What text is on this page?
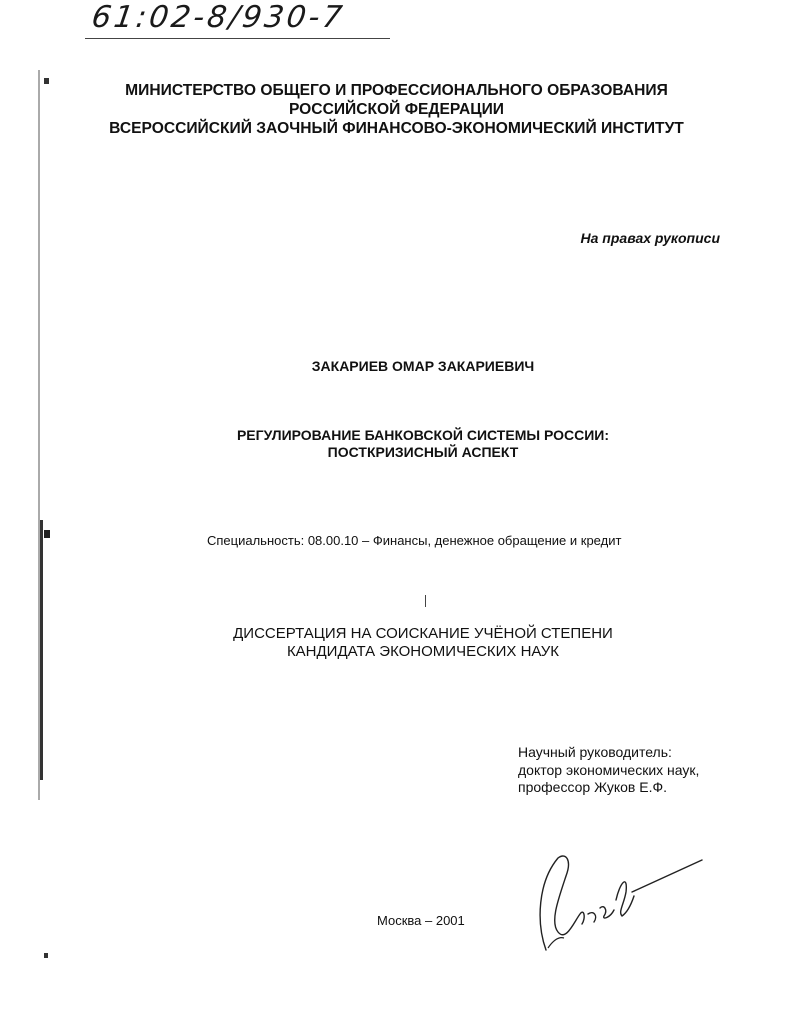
61:02-8/930-7
МИНИСТЕРСТВО ОБЩЕГО И ПРОФЕССИОНАЛЬНОГО ОБРАЗОВАНИЯ
РОССИЙСКОЙ ФЕДЕРАЦИИ
ВСЕРОССИЙСКИЙ ЗАОЧНЫЙ ФИНАНСОВО-ЭКОНОМИЧЕСКИЙ ИНСТИТУТ
На правах рукописи
ЗАКАРИЕВ ОМАР ЗАКАРИЕВИЧ
РЕГУЛИРОВАНИЕ БАНКОВСКОЙ СИСТЕМЫ РОССИИ:
ПОСТКРИЗИСНЫЙ АСПЕКТ
Специальность: 08.00.10 – Финансы, денежное обращение и кредит
ДИССЕРТАЦИЯ НА СОИСКАНИЕ УЧЁНОЙ СТЕПЕНИ
КАНДИДАТА ЭКОНОМИЧЕСКИХ НАУК
Научный руководитель:
доктор экономических наук,
профессор Жуков Е.Ф.
Москва – 2001
